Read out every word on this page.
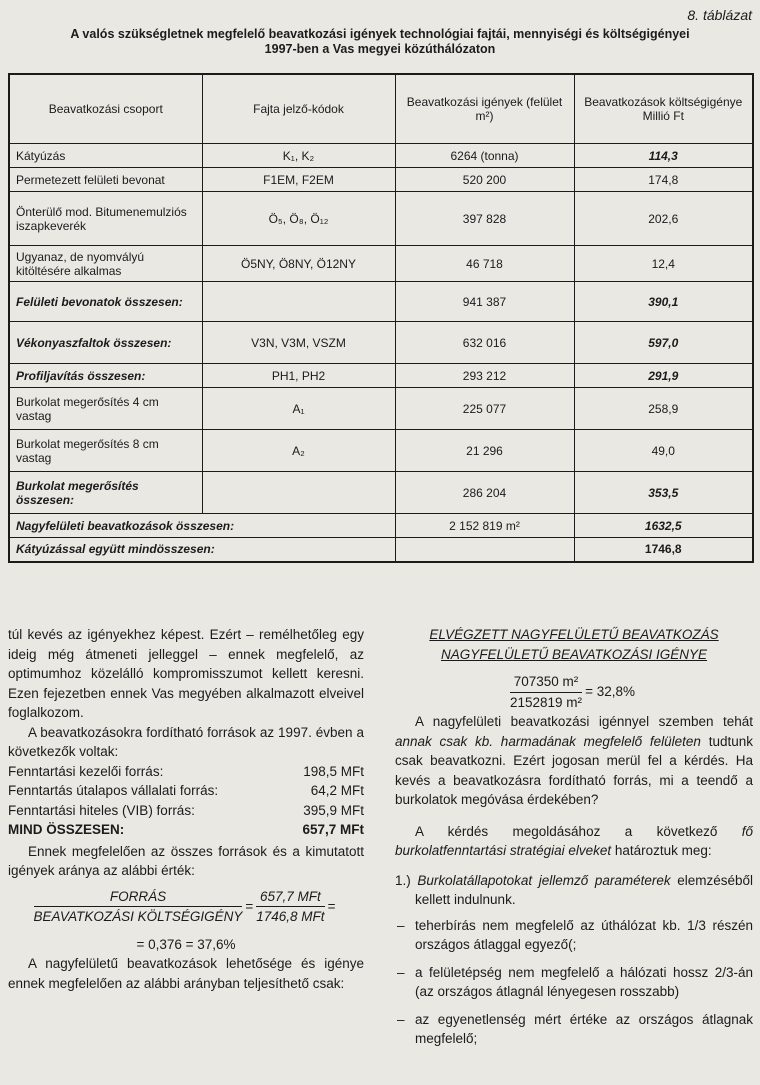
8. táblázat
A valós szükségletnek megfelelő beavatkozási igények technológiai fajtái, mennyiségi és költségigényei
1997-ben a Vas megyei közúthálózaton
Beavatkozási csoport	Fajta jelző-kódok	Beavatkozási igények (felület m²)	Beavatkozások költségigénye Millió Ft
Kátyúzás	K₁, K₂	6264 (tonna)	114,3
Permetezett felületi bevonat	F1EM, F2EM	520 200	174,8
Önterülő mod. Bitumenemulziós iszapkeverék	Ö₅, Ö₈, Ö₁₂	397 828	202,6
Ugyanaz, de nyomvályú kitöltésére alkalmas	Ö5NY, Ö8NY, Ö12NY	46 718	12,4
Felületi bevonatok összesen:		941 387	390,1
Vékonyaszfaltok összesen:	V3N, V3M, VSZM	632 016	597,0
Profiljavítás összesen:	PH1, PH2	293 212	291,9
Burkolat megerősítés 4 cm vastag	A₁	225 077	258,9
Burkolat megerősítés 8 cm vastag	A₂	21 296	49,0
Burkolat megerősítés összesen:		286 204	353,5
Nagyfelületi beavatkozások összesen:		2 152 819 m²	1632,5
Kátyúzással együtt mindösszesen:			1746,8

túl kevés az igényekhez képest. Ezért – remélhetőleg egy ideig még átmeneti jelleggel – ennek megfelelő, az optimumhoz közelálló kompromisszumot kellett keresni. Ezen fejezetben ennek Vas megyében alkalmazott elveivel foglalkozom.

A beavatkozásokra fordítható források az 1997. évben a következők voltak:

Fenntartási kezelői forrás:	198,5 MFt
Fenntartás útalapos vállalati forrás:	64,2 MFt
Fenntartási hiteles (VIB) forrás:	395,9 MFt
MIND ÖSSZESEN:	657,7 MFt

Ennek megfelelően az összes források és a kimutatott igények aránya az alábbi érték:

$\frac{\text{FORRÁS}}{\text{BEAVATKOZÁSI KÖLTSÉGIGÉNY}} = \frac{\text{657,7 MFt}}{\text{1746,8 MFt}}$ =
= 0,376 = 37,6%

A nagyfelületű beavatkozások lehetősége és igénye ennek megfelelően az alábbi arányban teljesíthető csak:

ELVÉGZETT NAGYFELÜLETŰ BEAVATKOZÁS
NAGYFELÜLETŰ BEAVATKOZÁSI IGÉNYE
$\frac{\text{707350 m²}}{\text{2152819 m²}} = 32,8\%$

A nagyfelületi beavatkozási igénnyel szemben tehát annak csak kb. harmadának megfelelő felületen tudtunk csak beavatkozni. Ezért jogosan merül fel a kérdés. Ha kevés a beavatkozásra fordítható forrás, mi a teendő a burkolatok megóvása érdekében?

A kérdés megoldásához a következő fő burkolatfenntartási stratégiai elveket határoztuk meg:

1.) Burkolatállapotokat jellemző paraméterek elemzéséből kellett indulnunk.

– teherbírás nem megfelelő az úthálózat kb. 1/3 részén országos átlaggal egyező(;
– a felületépség nem megfelelő a hálózati hossz 2/3-án (az országos átlagnál lényegesen rosszabb)
– az egyenetlenség mért értéke az országos átlagnak megfelelő;
